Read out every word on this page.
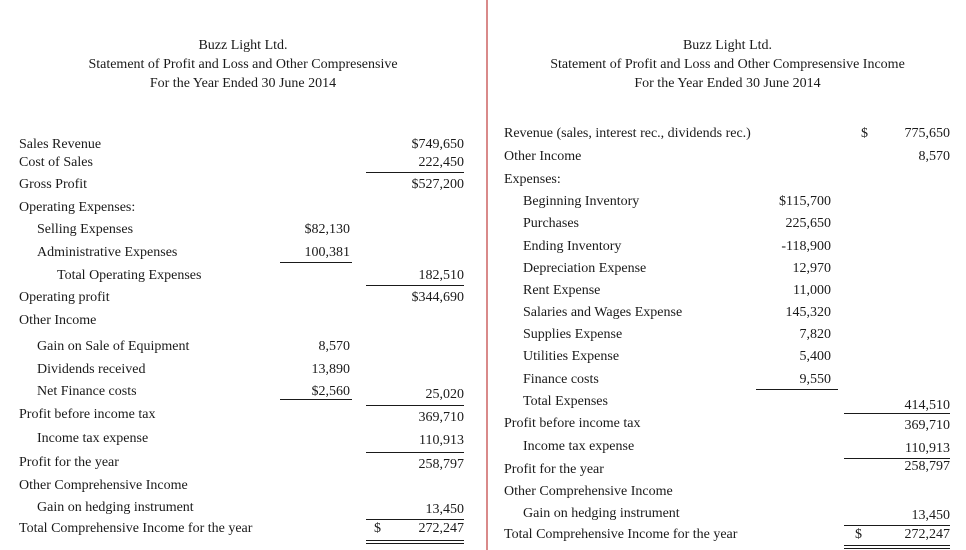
Buzz Light Ltd.
Statement of Profit and Loss and Other Compresensive
For the Year Ended 30 June 2014
Sales Revenue	$749,650
Cost of Sales	222,450
Gross Profit	$527,200
Operating Expenses:
Selling Expenses	$82,130
Administrative Expenses	100,381
Total Operating Expenses	182,510
Operating profit	$344,690
Other Income
Gain on Sale of Equipment	8,570
Dividends received	13,890
Net Finance costs	$2,560	25,020
Profit before income tax	369,710
Income tax expense	110,913
Profit for the year	258,797
Other Comprehensive Income
Gain on hedging instrument	13,450
Total Comprehensive Income for the year	$	272,247
Buzz Light Ltd.
Statement of Profit and Loss and Other Compresensive Income
For the Year Ended 30 June 2014
Revenue (sales, interest rec., dividends rec.)	$	775,650
Other Income	8,570
Expenses:
Beginning Inventory	$115,700
Purchases	225,650
Ending Inventory	-118,900
Depreciation Expense	12,970
Rent Expense	11,000
Salaries and Wages Expense	145,320
Supplies Expense	7,820
Utilities Expense	5,400
Finance costs	9,550
Total Expenses	414,510
Profit before income tax	369,710
Income tax expense	110,913
Profit for the year	258,797
Other Comprehensive Income
Gain on hedging instrument	13,450
Total Comprehensive Income for the year	$	272,247
